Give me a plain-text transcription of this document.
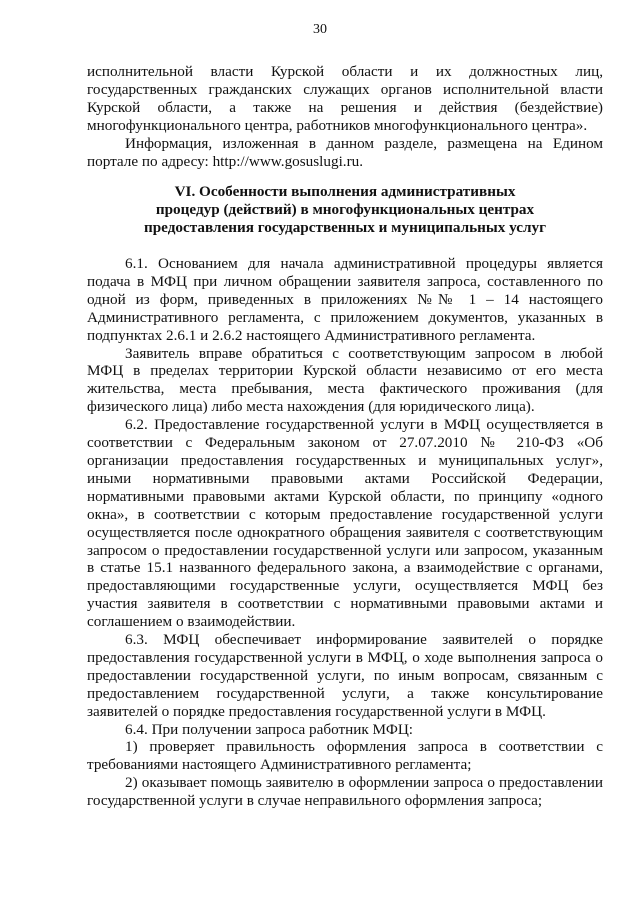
30

исполнительной власти Курской области и их должностных лиц, государственных гражданских служащих органов исполнительной власти Курской области, а также на решения и действия (бездействие) многофункционального центра, работников многофункционального центра».

Информация, изложенная в данном разделе, размещена на Едином портале по адресу: http://www.gosuslugi.ru.

VI. Особенности выполнения административных
процедур (действий) в многофункциональных центрах
предоставления государственных и муниципальных услуг

6.1. Основанием для начала административной процедуры является подача в МФЦ при личном обращении заявителя запроса, составленного по одной из форм, приведенных в приложениях №№ 1 – 14 настоящего Административного регламента, с приложением документов, указанных в подпунктах 2.6.1 и 2.6.2 настоящего Административного регламента.

Заявитель вправе обратиться с соответствующим запросом в любой МФЦ в пределах территории Курской области независимо от его места жительства, места пребывания, места фактического проживания (для физического лица) либо места нахождения (для юридического лица).

6.2. Предоставление государственной услуги в МФЦ осуществляется в соответствии с Федеральным законом от 27.07.2010 № 210-ФЗ «Об организации предоставления государственных и муниципальных услуг», иными нормативными правовыми актами Российской Федерации, нормативными правовыми актами Курской области, по принципу «одного окна», в соответствии с которым предоставление государственной услуги осуществляется после однократного обращения заявителя с соответствующим запросом о предоставлении государственной услуги или запросом, указанным в статье 15.1 названного федерального закона, а взаимодействие с органами, предоставляющими государственные услуги, осуществляется МФЦ без участия заявителя в соответствии с нормативными правовыми актами и соглашением о взаимодействии.

6.3. МФЦ обеспечивает информирование заявителей о порядке предоставления государственной услуги в МФЦ, о ходе выполнения запроса о предоставлении государственной услуги, по иным вопросам, связанным с предоставлением государственной услуги, а также консультирование заявителей о порядке предоставления государственной услуги в МФЦ.

6.4. При получении запроса работник МФЦ:

1) проверяет правильность оформления запроса в соответствии с требованиями настоящего Административного регламента;

2) оказывает помощь заявителю в оформлении запроса о предоставлении государственной услуги в случае неправильного оформления запроса;
